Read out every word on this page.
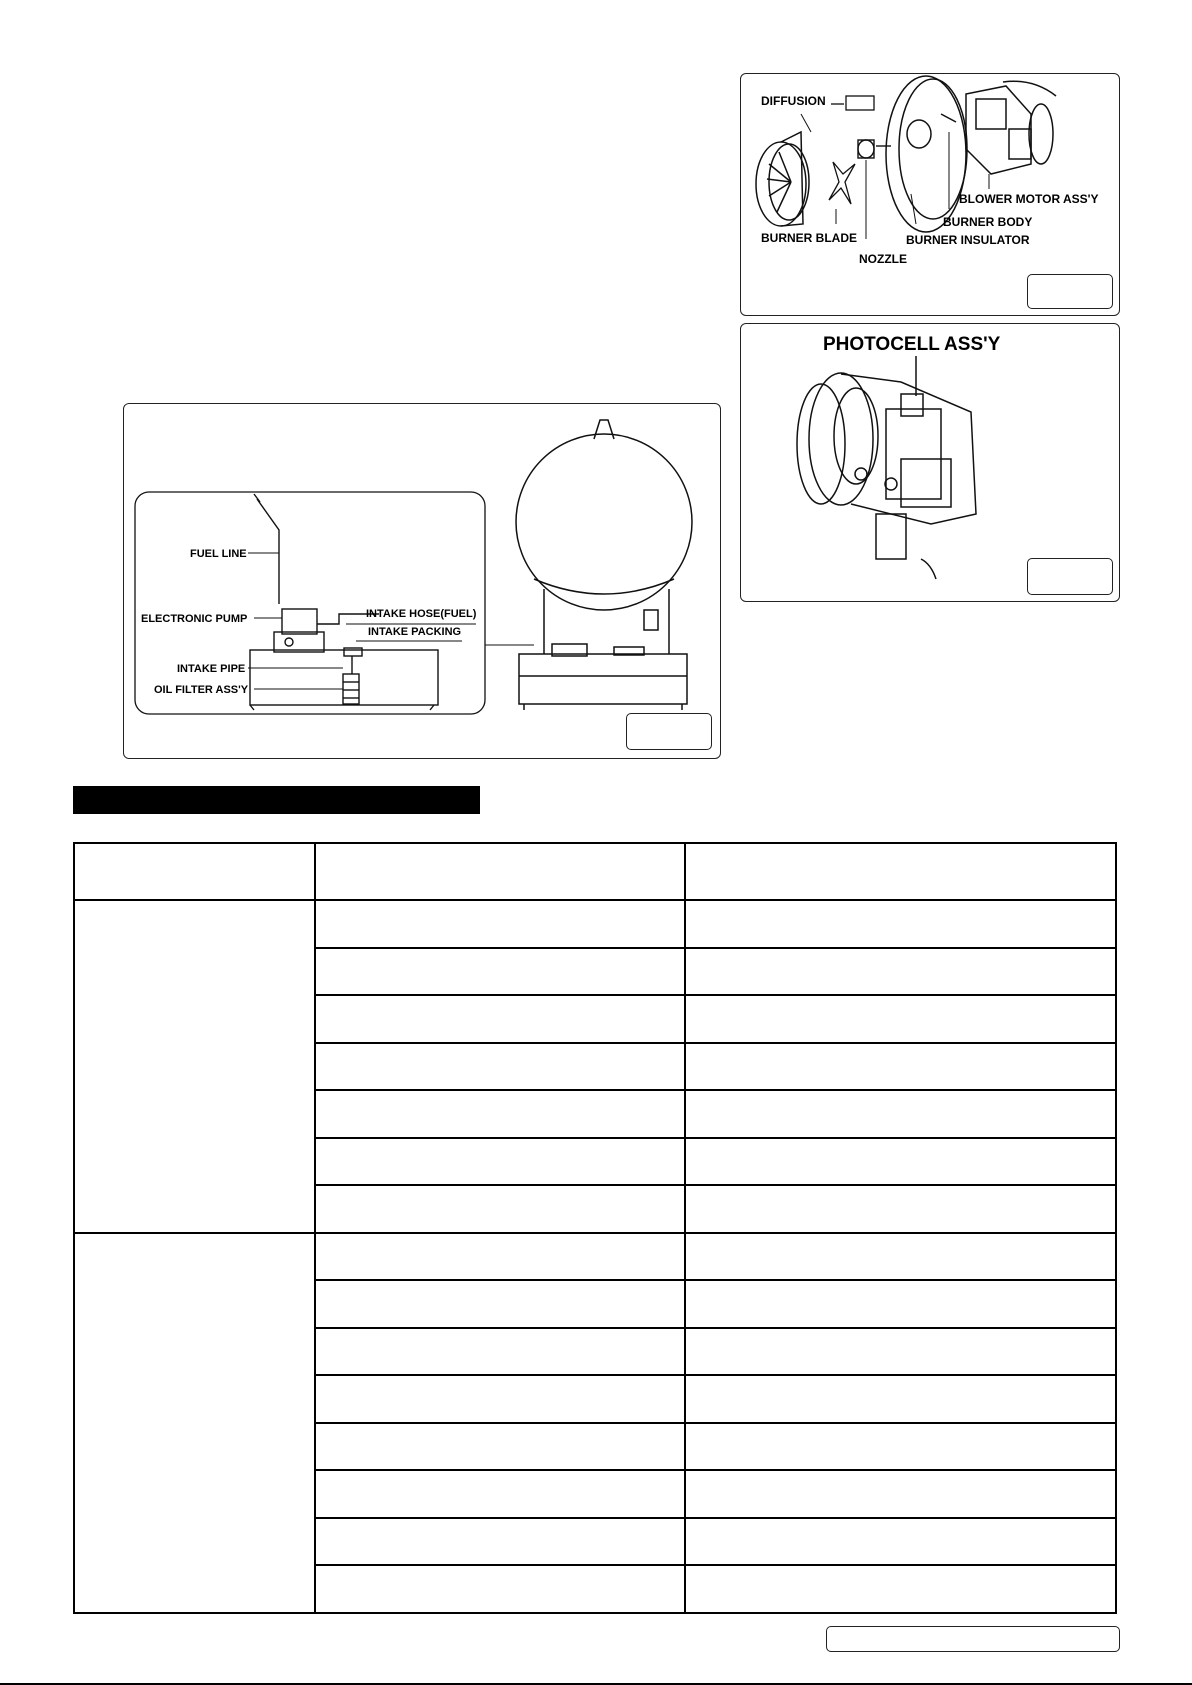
DIFFUSION
BURNER BLADE
NOZZLE
BURNER INSULATOR
BURNER BODY
BLOWER MOTOR ASS'Y
PHOTOCELL ASS'Y
FUEL LINE
ELECTRONIC PUMP	INTAKE HOSE(FUEL)
INTAKE PACKING
INTAKE PIPE
OIL FILTER ASS'Y
